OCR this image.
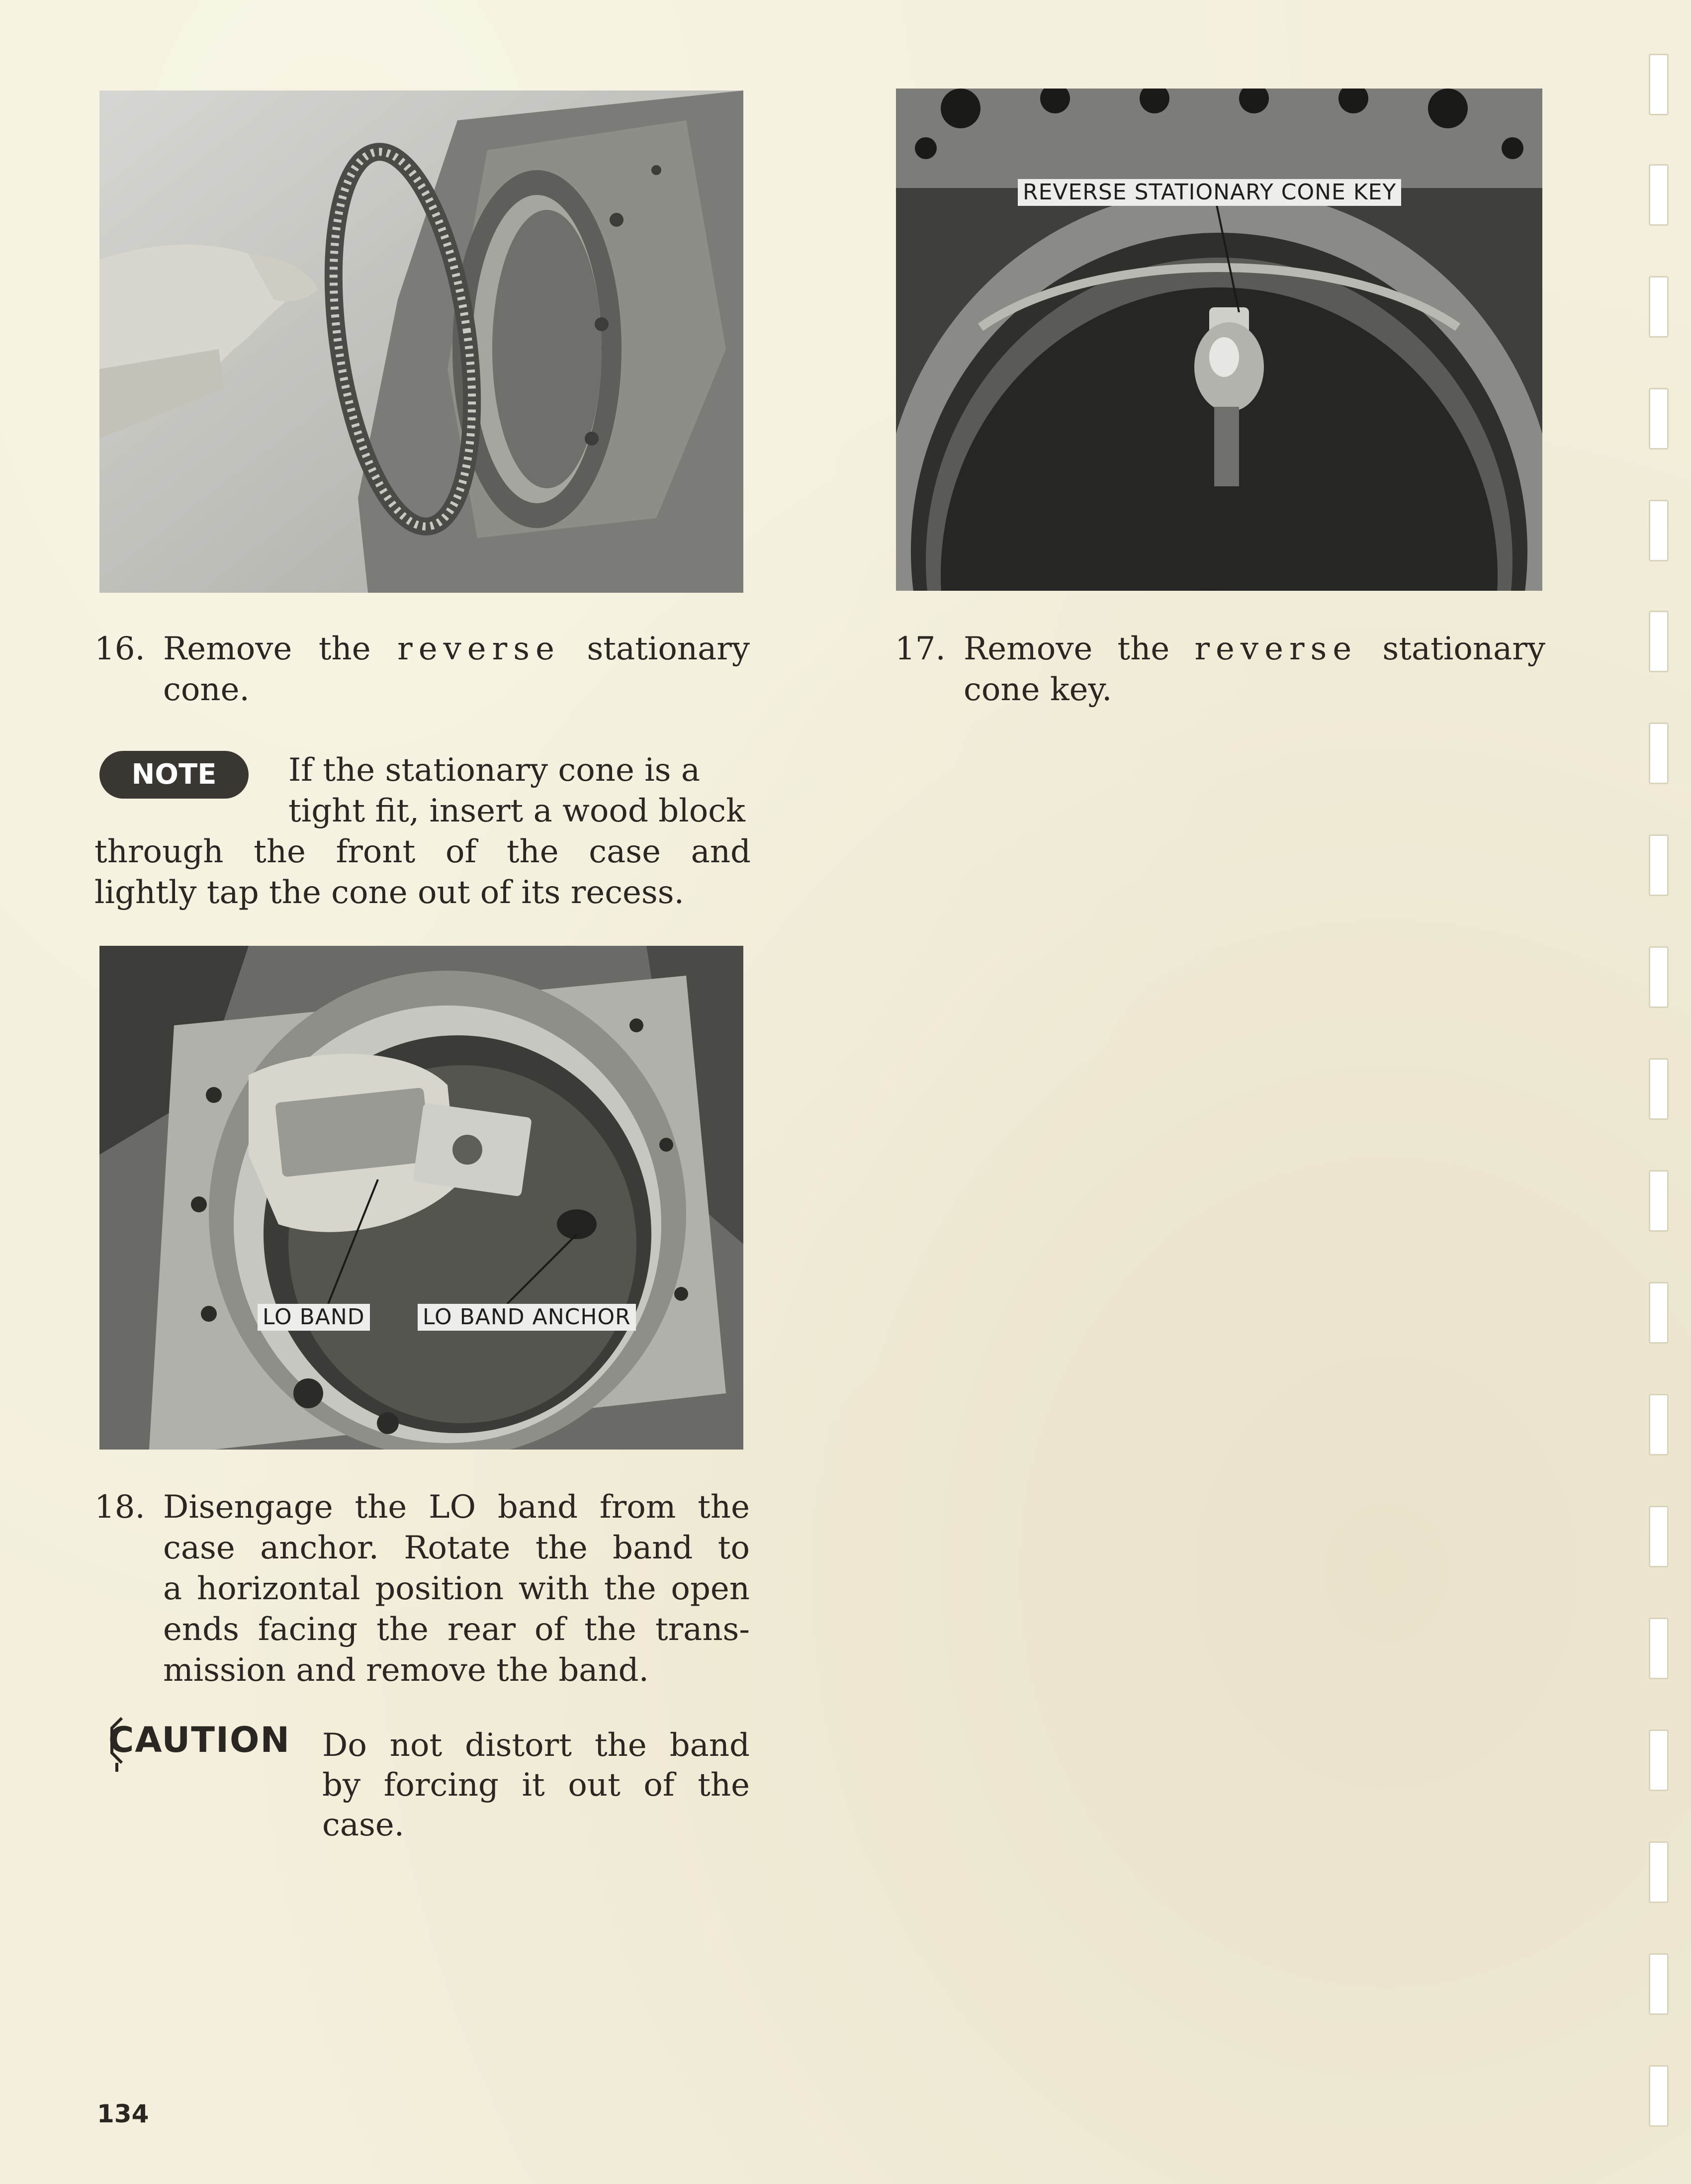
REVERSE STATIONARY CONE KEY
16. Remove the reverse stationary
cone.
17. Remove the reverse stationary
cone key.
NOTE	If the stationary cone is a
tight fit, insert a wood block
through the front of the case and
lightly tap the cone out of its recess.
LO BAND	LO BAND ANCHOR
18. Disengage the LO band from the
case anchor. Rotate the band to
a horizontal position with the open
ends facing the rear of the trans-
mission and remove the band.
CAUTION Do not distort the band
by forcing it out of the
case.
134
